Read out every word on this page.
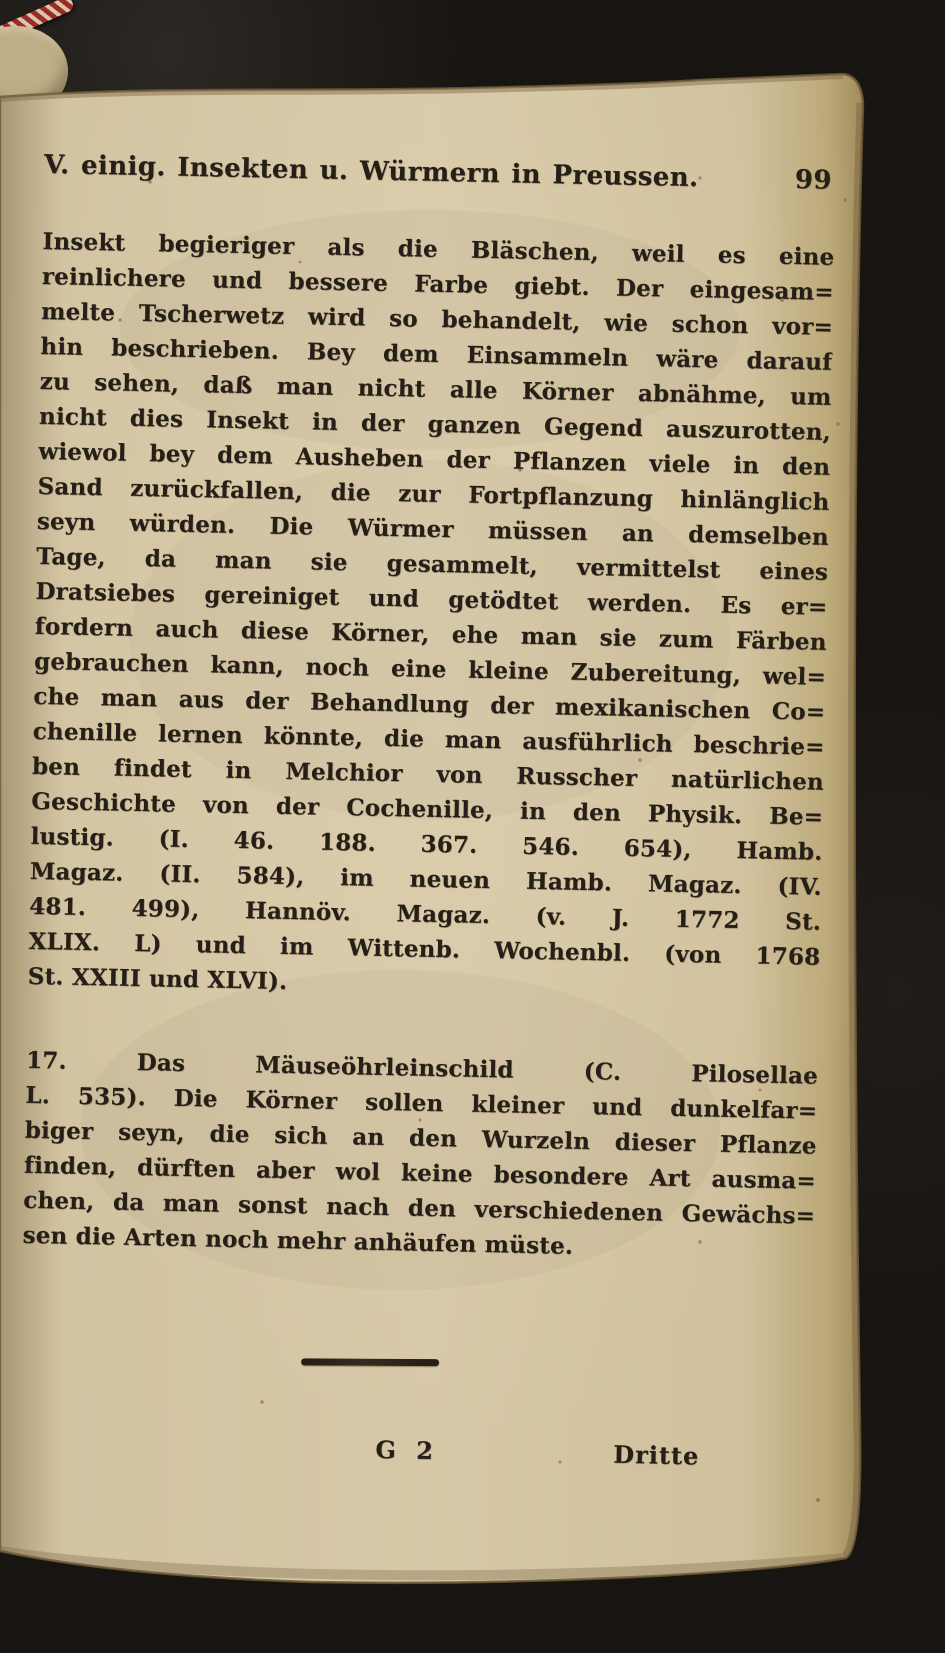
V. einig. Insekten u. Würmern in Preussen.	99
Insekt begieriger als die Bläschen, weil es eine
reinlichere und bessere Farbe giebt. Der eingesam=
melte Tscherwetz wird so behandelt, wie schon vor=
hin beschrieben. Bey dem Einsammeln wäre darauf
zu sehen, daß man nicht alle Körner abnähme, um
nicht dies Insekt in der ganzen Gegend auszurotten,
wiewol bey dem Ausheben der Pflanzen viele in den
Sand zurückfallen, die zur Fortpflanzung hinlänglich
seyn würden. Die Würmer müssen an demselben
Tage, da man sie gesammelt, vermittelst eines
Dratsiebes gereiniget und getödtet werden. Es er=
fordern auch diese Körner, ehe man sie zum Färben
gebrauchen kann, noch eine kleine Zubereitung, wel=
che man aus der Behandlung der mexikanischen Co=
chenille lernen könnte, die man ausführlich beschrie=
ben findet in Melchior von Russcher natürlichen
Geschichte von der Cochenille, in den Physik. Be=
lustig. (I. 46. 188. 367. 546. 654), Hamb.
Magaz. (II. 584), im neuen Hamb. Magaz. (IV.
481. 499), Hannöv. Magaz. (v. J. 1772 St.
XLIX. L) und im Wittenb. Wochenbl. (von 1768
St. XXIII und XLVI).
17. Das Mäuseöhrleinschild (C. Pilosellae
L. 535). Die Körner sollen kleiner und dunkelfar=
biger seyn, die sich an den Wurzeln dieser Pflanze
finden, dürften aber wol keine besondere Art ausma=
chen, da man sonst nach den verschiedenen Gewächs=
sen die Arten noch mehr anhäufen müste.
G 2	Dritte
